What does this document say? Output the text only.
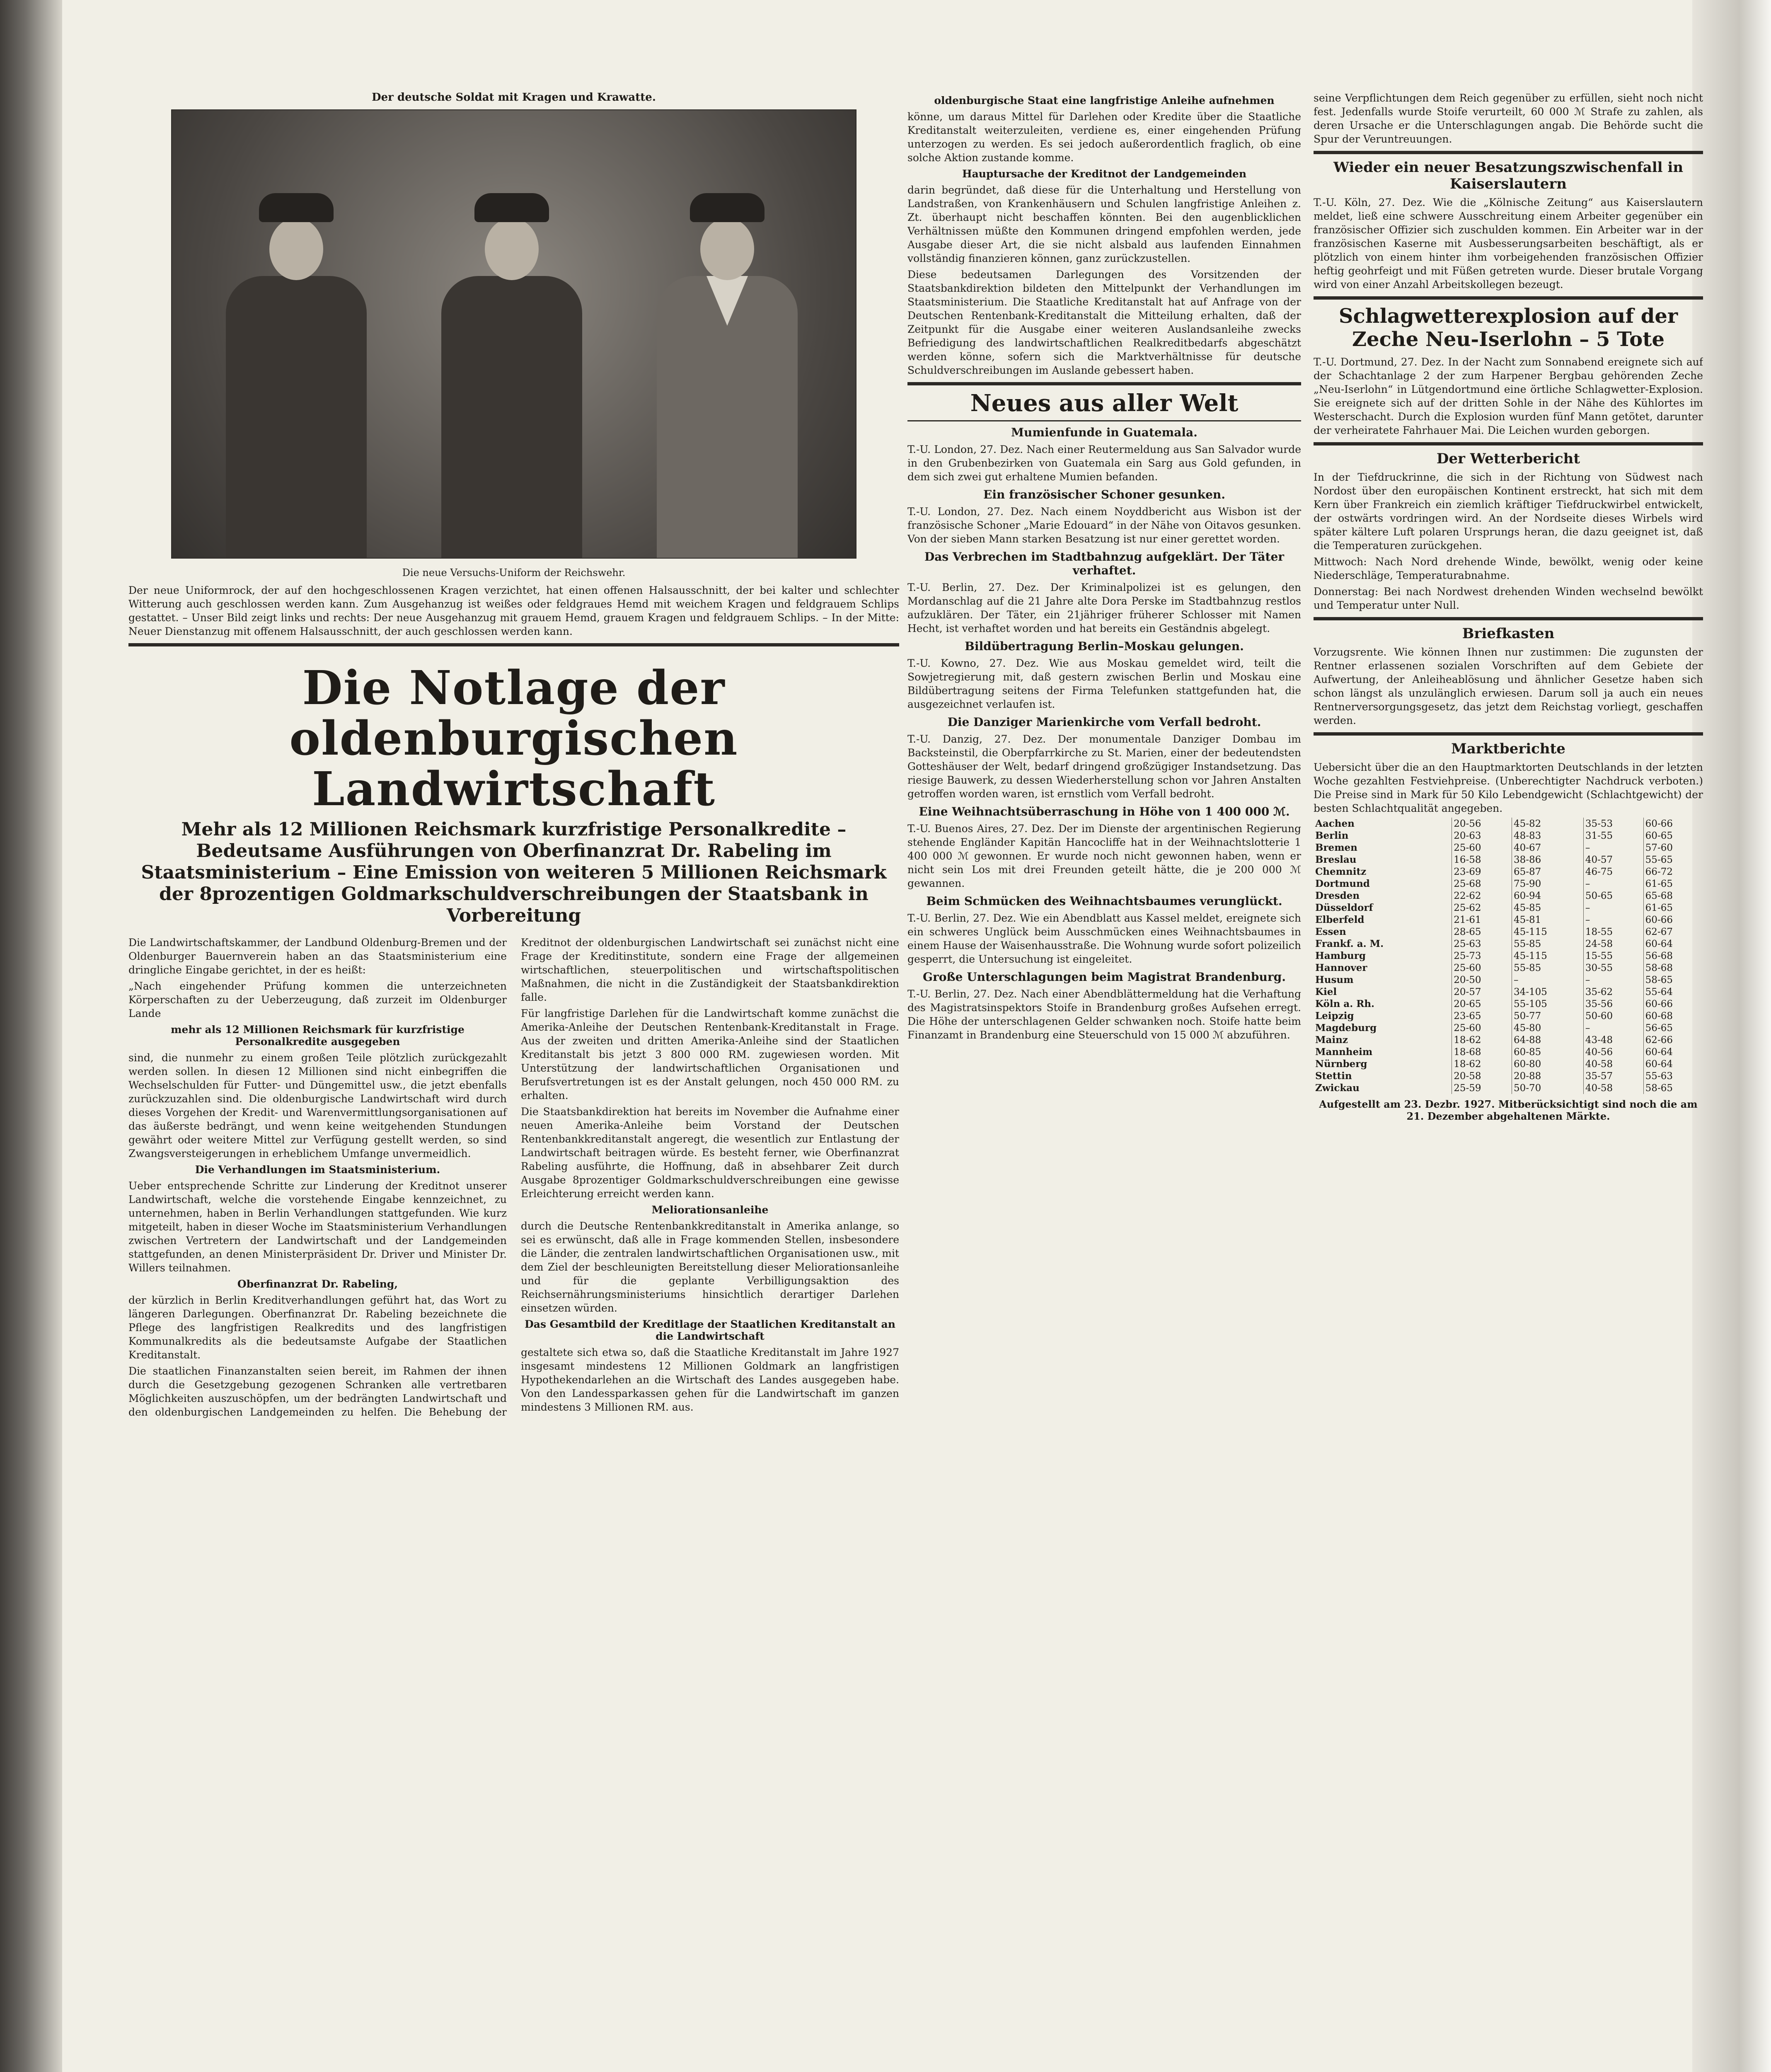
Der deutsche Soldat mit Kragen und Krawatte.
Die neue Versuchs-Uniform der Reichswehr.

Der neue Uniformrock, der auf den hochgeschlossenen Kragen verzichtet, hat einen offenen Halsausschnitt, der bei kalter und schlechter Witterung auch geschlossen werden kann. Zum Ausgehanzug ist weißes oder feldgraues Hemd mit weichem Kragen und feldgrauem Schlips gestattet. – Unser Bild zeigt links und rechts: Der neue Ausgehanzug mit grauem Hemd, grauem Kragen und feldgrauem Schlips. – In der Mitte: Neuer Dienstanzug mit offenem Halsausschnitt, der auch geschlossen werden kann.

Die Notlage der oldenburgischen Landwirtschaft
Mehr als 12 Millionen Reichsmark kurzfristige Personalkredite – Bedeutsame Ausführungen von Oberfinanzrat Dr. Rabeling im Staatsministerium – Eine Emission von weiteren 5 Millionen Reichsmark der 8prozentigen Goldmarkschuldverschreibungen der Staatsbank in Vorbereitung

Die Landwirtschaftskammer, der Landbund Oldenburg-Bremen und der Oldenburger Bauernverein haben an das Staatsministerium eine dringliche Eingabe gerichtet, in der es heißt:

„Nach eingehender Prüfung kommen die unterzeichneten Körperschaften zu der Ueberzeugung, daß zurzeit im Oldenburger Lande

mehr als 12 Millionen Reichsmark für kurzfristige Personalkredite ausgegeben

sind, die nunmehr zu einem großen Teile plötzlich zurückgezahlt werden sollen. In diesen 12 Millionen sind nicht einbegriffen die Wechselschulden für Futter- und Düngemittel usw., die jetzt ebenfalls zurückzuzahlen sind. Die oldenburgische Landwirtschaft wird durch dieses Vorgehen der Kredit- und Warenvermittlungsorganisationen auf das äußerste bedrängt, und wenn keine weitgehenden Stundungen gewährt oder weitere Mittel zur Verfügung gestellt werden, so sind Zwangsversteigerungen in erheblichem Umfange unvermeidlich.

Die Verhandlungen im Staatsministerium.

Ueber entsprechende Schritte zur Linderung der Kreditnot unserer Landwirtschaft, welche die vorstehende Eingabe kennzeichnet, zu unternehmen, haben in Berlin Verhandlungen stattgefunden. Wie kurz mitgeteilt, haben in dieser Woche im Staatsministerium Verhandlungen zwischen Vertretern der Landwirtschaft und der Landgemeinden stattgefunden, an denen Ministerpräsident Dr. Driver und Minister Dr. Willers teilnahmen.

Oberfinanzrat Dr. Rabeling,

der kürzlich in Berlin Kreditverhandlungen geführt hat, das Wort zu längeren Darlegungen. Oberfinanzrat Dr. Rabeling bezeichnete die Pflege des langfristigen Realkredits und des langfristigen Kommunalkredits als die bedeutsamste Aufgabe der Staatlichen Kreditanstalt.

Die staatlichen Finanzanstalten seien bereit, im Rahmen der ihnen durch die Gesetzgebung gezogenen Schranken alle vertretbaren Möglichkeiten auszuschöpfen, um der bedrängten Landwirtschaft und den oldenburgischen Landgemeinden zu helfen. Die Behebung der Kreditnot der oldenburgischen Landwirtschaft sei zunächst nicht eine Frage der Kreditinstitute, sondern eine Frage der allgemeinen wirtschaftlichen, steuerpolitischen und wirtschaftspolitischen Maßnahmen, die nicht in die Zuständigkeit der Staatsbankdirektion falle.

Für langfristige Darlehen für die Landwirtschaft komme zunächst die Amerika-Anleihe der Deutschen Rentenbank-Kreditanstalt in Frage. Aus der zweiten und dritten Amerika-Anleihe sind der Staatlichen Kreditanstalt bis jetzt 3 800 000 RM. zugewiesen worden. Mit Unterstützung der landwirtschaftlichen Organisationen und Berufsvertretungen ist es der Anstalt gelungen, noch 450 000 RM. zu erhalten.

Die Staatsbankdirektion hat bereits im November die Aufnahme einer neuen Amerika-Anleihe beim Vorstand der Deutschen Rentenbankkreditanstalt angeregt, die wesentlich zur Entlastung der Landwirtschaft beitragen würde. Es besteht ferner, wie Oberfinanzrat Rabeling ausführte, die Hoffnung, daß in absehbarer Zeit durch Ausgabe 8prozentiger Goldmarkschuldverschreibungen eine gewisse Erleichterung erreicht werden kann.

Meliorationsanleihe

durch die Deutsche Rentenbankkreditanstalt in Amerika anlange, so sei es erwünscht, daß alle in Frage kommenden Stellen, insbesondere die Länder, die zentralen landwirtschaftlichen Organisationen usw., mit dem Ziel der beschleunigten Bereitstellung dieser Meliorationsanleihe und für die geplante Verbilligungsaktion des Reichsernährungsministeriums hinsichtlich derartiger Darlehen einsetzen würden.

Das Gesamtbild der Kreditlage der Staatlichen Kreditanstalt an die Landwirtschaft

gestaltete sich etwa so, daß die Staatliche Kreditanstalt im Jahre 1927 insgesamt mindestens 12 Millionen Goldmark an langfristigen Hypothekendarlehen an die Wirtschaft des Landes ausgegeben habe. Von den Landessparkassen gehen für die Landwirtschaft im ganzen mindestens 3 Millionen RM. aus.

oldenburgische Staat eine langfristige Anleihe aufnehmen

könne, um daraus Mittel für Darlehen oder Kredite über die Staatliche Kreditanstalt weiterzuleiten, verdiene es, einer eingehenden Prüfung unterzogen zu werden. Es sei jedoch außerordentlich fraglich, ob eine solche Aktion zustande komme.

Hauptursache der Kreditnot der Landgemeinden

darin begründet, daß diese für die Unterhaltung und Herstellung von Landstraßen, von Krankenhäusern und Schulen langfristige Anleihen z. Zt. überhaupt nicht beschaffen könnten. Bei den augenblicklichen Verhältnissen müßte den Kommunen dringend empfohlen werden, jede Ausgabe dieser Art, die sie nicht alsbald aus laufenden Einnahmen vollständig finanzieren können, ganz zurückzustellen.

Diese bedeutsamen Darlegungen des Vorsitzenden der Staatsbankdirektion bildeten den Mittelpunkt der Verhandlungen im Staatsministerium. Die Staatliche Kreditanstalt hat auf Anfrage von der Deutschen Rentenbank-Kreditanstalt die Mitteilung erhalten, daß der Zeitpunkt für die Ausgabe einer weiteren Auslandsanleihe zwecks Befriedigung des landwirtschaftlichen Realkreditbedarfs abgeschätzt werden könne, sofern sich die Marktverhältnisse für deutsche Schuldverschreibungen im Auslande gebessert haben.

Neues aus aller Welt
Mumienfunde in Guatemala.

T.-U. London, 27. Dez. Nach einer Reutermeldung aus San Salvador wurde in den Grubenbezirken von Guatemala ein Sarg aus Gold gefunden, in dem sich zwei gut erhaltene Mumien befanden.

Ein französischer Schoner gesunken.

T.-U. London, 27. Dez. Nach einem Noyddbericht aus Wisbon ist der französische Schoner „Marie Edouard“ in der Nähe von Oitavos gesunken. Von der sieben Mann starken Besatzung ist nur einer gerettet worden.

Das Verbrechen im Stadtbahnzug aufgeklärt. Der Täter verhaftet.

T.-U. Berlin, 27. Dez. Der Kriminalpolizei ist es gelungen, den Mordanschlag auf die 21 Jahre alte Dora Perske im Stadtbahnzug restlos aufzuklären. Der Täter, ein 21jähriger früherer Schlosser mit Namen Hecht, ist verhaftet worden und hat bereits ein Geständnis abgelegt.

Bildübertragung Berlin–Moskau gelungen.

T.-U. Kowno, 27. Dez. Wie aus Moskau gemeldet wird, teilt die Sowjetregierung mit, daß gestern zwischen Berlin und Moskau eine Bildübertragung seitens der Firma Telefunken stattgefunden hat, die ausgezeichnet verlaufen ist.

Die Danziger Marienkirche vom Verfall bedroht.

T.-U. Danzig, 27. Dez. Der monumentale Danziger Dombau im Backsteinstil, die Oberpfarrkirche zu St. Marien, einer der bedeutendsten Gotteshäuser der Welt, bedarf dringend großzügiger Instandsetzung. Das riesige Bauwerk, zu dessen Wiederherstellung schon vor Jahren Anstalten getroffen worden waren, ist ernstlich vom Verfall bedroht.

Eine Weihnachtsüberraschung in Höhe von 1 400 000 ℳ.

T.-U. Buenos Aires, 27. Dez. Der im Dienste der argentinischen Regierung stehende Engländer Kapitän Hancocliffe hat in der Weihnachtslotterie 1 400 000 ℳ gewonnen. Er wurde noch nicht gewonnen haben, wenn er nicht sein Los mit drei Freunden geteilt hätte, die je 200 000 ℳ gewannen.

Beim Schmücken des Weihnachtsbaumes verunglückt.

T.-U. Berlin, 27. Dez. Wie ein Abendblatt aus Kassel meldet, ereignete sich ein schweres Unglück beim Ausschmücken eines Weihnachtsbaumes in einem Hause der Waisenhausstraße. Die Wohnung wurde sofort polizeilich gesperrt, die Untersuchung ist eingeleitet.

Große Unterschlagungen beim Magistrat Brandenburg.

T.-U. Berlin, 27. Dez. Nach einer Abendblättermeldung hat die Verhaftung des Magistratsinspektors Stoife in Brandenburg großes Aufsehen erregt. Die Höhe der unterschlagenen Gelder schwanken noch. Stoife hatte beim Finanzamt in Brandenburg eine Steuerschuld von 15 000 ℳ abzuführen.

seine Verpflichtungen dem Reich gegenüber zu erfüllen, sieht noch nicht fest. Jedenfalls wurde Stoife verurteilt, 60 000 ℳ Strafe zu zahlen, als deren Ursache er die Unterschlagungen angab. Die Behörde sucht die Spur der Veruntreuungen.

Wieder ein neuer Besatzungszwischenfall in Kaiserslautern

T.-U. Köln, 27. Dez. Wie die „Kölnische Zeitung“ aus Kaiserslautern meldet, ließ eine schwere Ausschreitung einem Arbeiter gegenüber ein französischer Offizier sich zuschulden kommen. Ein Arbeiter war in der französischen Kaserne mit Ausbesserungsarbeiten beschäftigt, als er plötzlich von einem hinter ihm vorbeigehenden französischen Offizier heftig geohrfeigt und mit Füßen getreten wurde. Dieser brutale Vorgang wird von einer Anzahl Arbeitskollegen bezeugt.

Schlagwetterexplosion auf der Zeche Neu-Iserlohn – 5 Tote

T.-U. Dortmund, 27. Dez. In der Nacht zum Sonnabend ereignete sich auf der Schachtanlage 2 der zum Harpener Bergbau gehörenden Zeche „Neu-Iserlohn“ in Lütgendortmund eine örtliche Schlagwetter-Explosion. Sie ereignete sich auf der dritten Sohle in der Nähe des Kühlortes im Westerschacht. Durch die Explosion wurden fünf Mann getötet, darunter der verheiratete Fahrhauer Mai. Die Leichen wurden geborgen.

Der Wetterbericht

In der Tiefdruckrinne, die sich in der Richtung von Südwest nach Nordost über den europäischen Kontinent erstreckt, hat sich mit dem Kern über Frankreich ein ziemlich kräftiger Tiefdruckwirbel entwickelt, der ostwärts vordringen wird. An der Nordseite dieses Wirbels wird später kältere Luft polaren Ursprungs heran, die dazu geeignet ist, daß die Temperaturen zurückgehen.

Mittwoch: Nach Nord drehende Winde, bewölkt, wenig oder keine Niederschläge, Temperaturabnahme.

Donnerstag: Bei nach Nordwest drehenden Winden wechselnd bewölkt und Temperatur unter Null.

Briefkasten

Vorzugsrente. Wie können Ihnen nur zustimmen: Die zugunsten der Rentner erlassenen sozialen Vorschriften auf dem Gebiete der Aufwertung, der Anleiheablösung und ähnlicher Gesetze haben sich schon längst als unzulänglich erwiesen. Darum soll ja auch ein neues Rentnerversorgungsgesetz, das jetzt dem Reichstag vorliegt, geschaffen werden.

Marktberichte

Uebersicht über die an den Hauptmarktorten Deutschlands in der letzten Woche gezahlten Festviehpreise. (Unberechtigter Nachdruck verboten.) Die Preise sind in Mark für 50 Kilo Lebendgewicht (Schlachtgewicht) der besten Schlachtqualität angegeben.

Aachen	20-56	45-82	35-53	60-66
Berlin	20-63	48-83	31-55	60-65
Bremen	25-60	40-67	–	57-60
Breslau	16-58	38-86	40-57	55-65
Chemnitz	23-69	65-87	46-75	66-72
Dortmund	25-68	75-90	–	61-65
Dresden	22-62	60-94	50-65	65-68
Düsseldorf	25-62	45-85	–	61-65
Elberfeld	21-61	45-81	–	60-66
Essen	28-65	45-115	18-55	62-67
Frankf. a. M.	25-63	55-85	24-58	60-64
Hamburg	25-73	45-115	15-55	56-68
Hannover	25-60	55-85	30-55	58-68
Husum	20-50	–	–	58-65
Kiel	20-57	34-105	35-62	55-64
Köln a. Rh.	20-65	55-105	35-56	60-66
Leipzig	23-65	50-77	50-60	60-68
Magdeburg	25-60	45-80	–	56-65
Mainz	18-62	64-88	43-48	62-66
Mannheim	18-68	60-85	40-56	60-64
Nürnberg	18-62	60-80	40-58	60-64
Stettin	20-58	20-88	35-57	55-63
Zwickau	25-59	50-70	40-58	58-65
Aufgestellt am 23. Dezbr. 1927. Mitberücksichtigt sind noch die am 21. Dezember abgehaltenen Märkte.
